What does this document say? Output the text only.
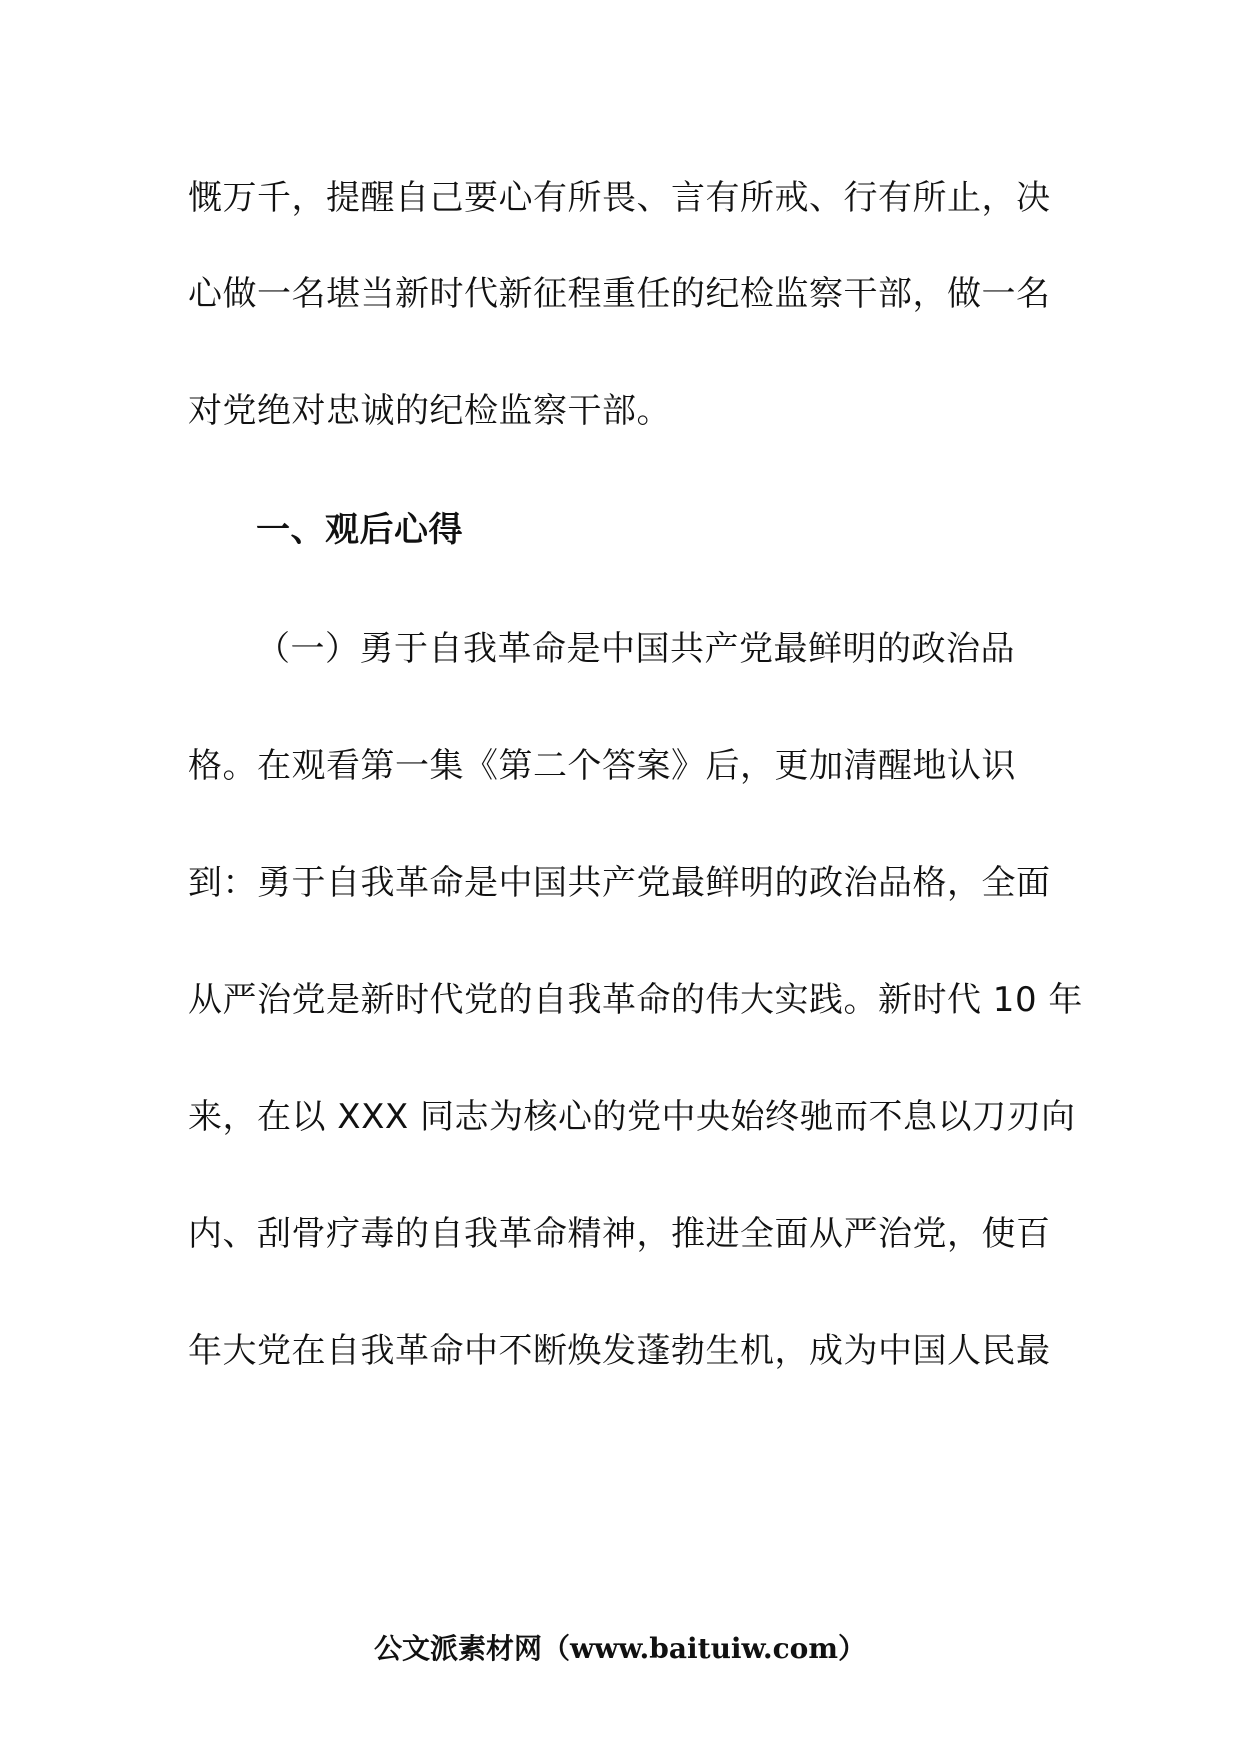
慨万千，提醒自己要心有所畏、言有所戒、行有所止，决
心做一名堪当新时代新征程重任的纪检监察干部，做一名
对党绝对忠诚的纪检监察干部。
一、观后心得
（一）勇于自我革命是中国共产党最鲜明的政治品
格。在观看第一集《第二个答案》后，更加清醒地认识
到：勇于自我革命是中国共产党最鲜明的政治品格，全面
从严治党是新时代党的自我革命的伟大实践。新时代 10 年
来，在以 XXX 同志为核心的党中央始终驰而不息以刀刃向
内、刮骨疗毒的自我革命精神，推进全面从严治党，使百
年大党在自我革命中不断焕发蓬勃生机，成为中国人民最
公文派素材网（www.baituiw.com）
